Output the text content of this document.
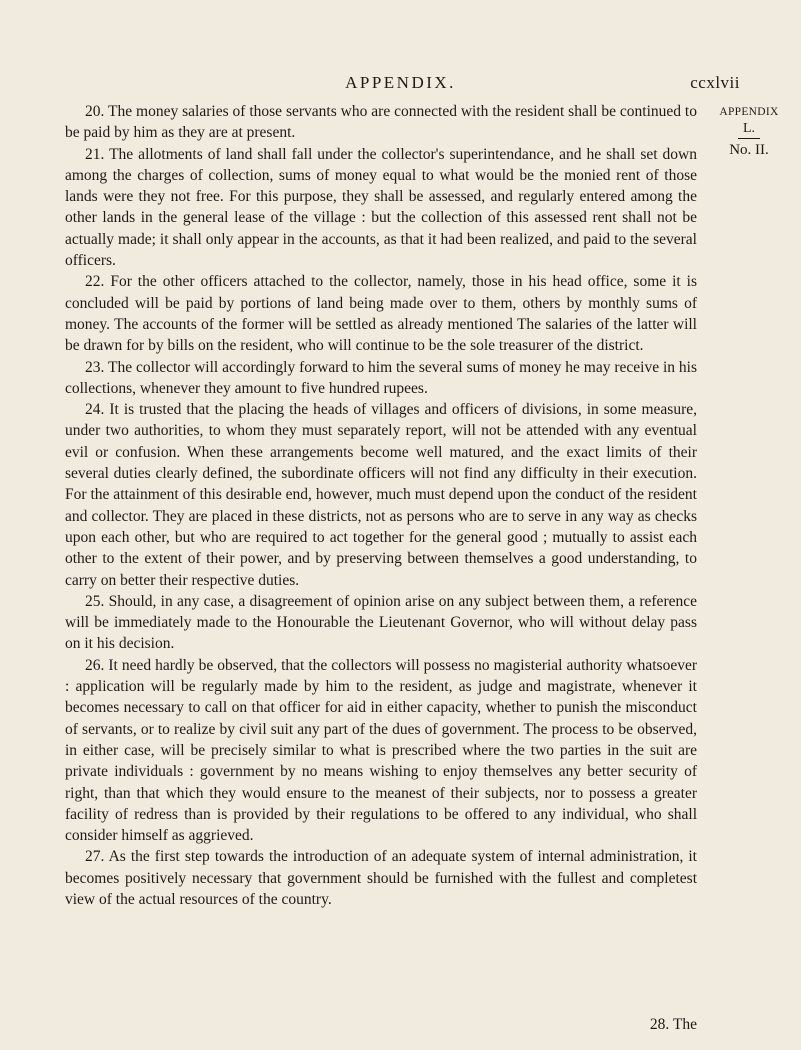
APPENDIX.	ccxlvii
APPENDIX
L.
No. II.

20. The money salaries of those servants who are connected with the resident shall be continued to be paid by him as they are at present.

21. The allotments of land shall fall under the collector's superintendance, and he shall set down among the charges of collection, sums of money equal to what would be the monied rent of those lands were they not free. For this purpose, they shall be assessed, and regularly entered among the other lands in the general lease of the village : but the collection of this assessed rent shall not be actually made; it shall only appear in the accounts, as that it had been realized, and paid to the several officers.

22. For the other officers attached to the collector, namely, those in his head office, some it is concluded will be paid by portions of land being made over to them, others by monthly sums of money. The accounts of the former will be settled as already mentioned The salaries of the latter will be drawn for by bills on the resident, who will continue to be the sole treasurer of the district.

23. The collector will accordingly forward to him the several sums of money he may receive in his collections, whenever they amount to five hundred rupees.

24. It is trusted that the placing the heads of villages and officers of divisions, in some measure, under two authorities, to whom they must separately report, will not be attended with any eventual evil or confusion. When these arrangements become well matured, and the exact limits of their several duties clearly defined, the subordinate officers will not find any difficulty in their execution. For the attainment of this desirable end, however, much must depend upon the conduct of the resident and collector. They are placed in these districts, not as persons who are to serve in any way as checks upon each other, but who are required to act together for the general good ; mutually to assist each other to the extent of their power, and by preserving between themselves a good understanding, to carry on better their respective duties.

25. Should, in any case, a disagreement of opinion arise on any subject between them, a reference will be immediately made to the Honourable the Lieutenant Governor, who will without delay pass on it his decision.

26. It need hardly be observed, that the collectors will possess no magisterial authority whatsoever : application will be regularly made by him to the resident, as judge and magistrate, whenever it becomes necessary to call on that officer for aid in either capacity, whether to punish the misconduct of servants, or to realize by civil suit any part of the dues of government. The process to be observed, in either case, will be precisely similar to what is prescribed where the two parties in the suit are private individuals : government by no means wishing to enjoy themselves any better security of right, than that which they would ensure to the meanest of their subjects, nor to possess a greater facility of redress than is provided by their regulations to be offered to any individual, who shall consider himself as aggrieved.

27. As the first step towards the introduction of an adequate system of internal administration, it becomes positively necessary that government should be furnished with the fullest and completest view of the actual resources of the country.

28. The
